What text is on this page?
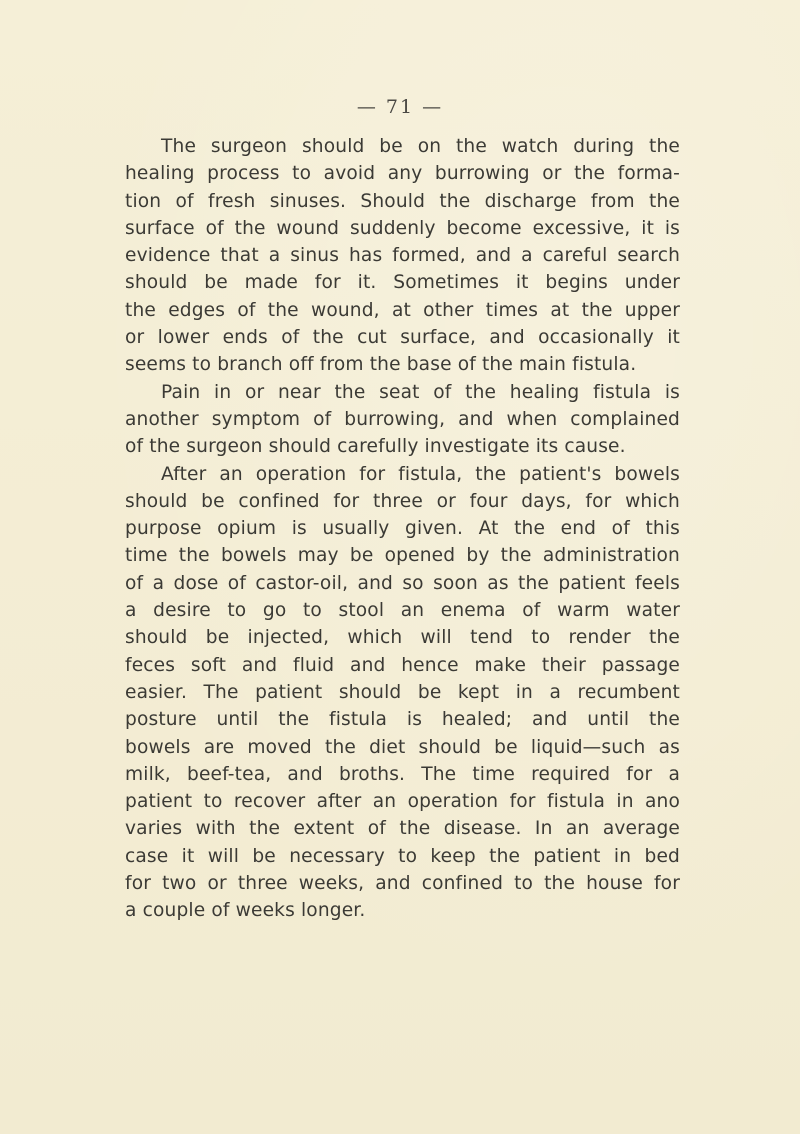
— 71 —
The surgeon should be on the watch during the
healing process to avoid any burrowing or the forma-
tion of fresh sinuses. Should the discharge from the
surface of the wound suddenly become excessive, it is
evidence that a sinus has formed, and a careful search
should be made for it. Sometimes it begins under
the edges of the wound, at other times at the upper
or lower ends of the cut surface, and occasionally it
seems to branch off from the base of the main fistula.
Pain in or near the seat of the healing fistula is
another symptom of burrowing, and when complained
of the surgeon should carefully investigate its cause.
After an operation for fistula, the patient's bowels
should be confined for three or four days, for which
purpose opium is usually given. At the end of this
time the bowels may be opened by the administration
of a dose of castor-oil, and so soon as the patient feels
a desire to go to stool an enema of warm water
should be injected, which will tend to render the
feces soft and fluid and hence make their passage
easier. The patient should be kept in a recumbent
posture until the fistula is healed; and until the
bowels are moved the diet should be liquid—such as
milk, beef-tea, and broths. The time required for a
patient to recover after an operation for fistula in ano
varies with the extent of the disease. In an average
case it will be necessary to keep the patient in bed
for two or three weeks, and confined to the house for
a couple of weeks longer.
